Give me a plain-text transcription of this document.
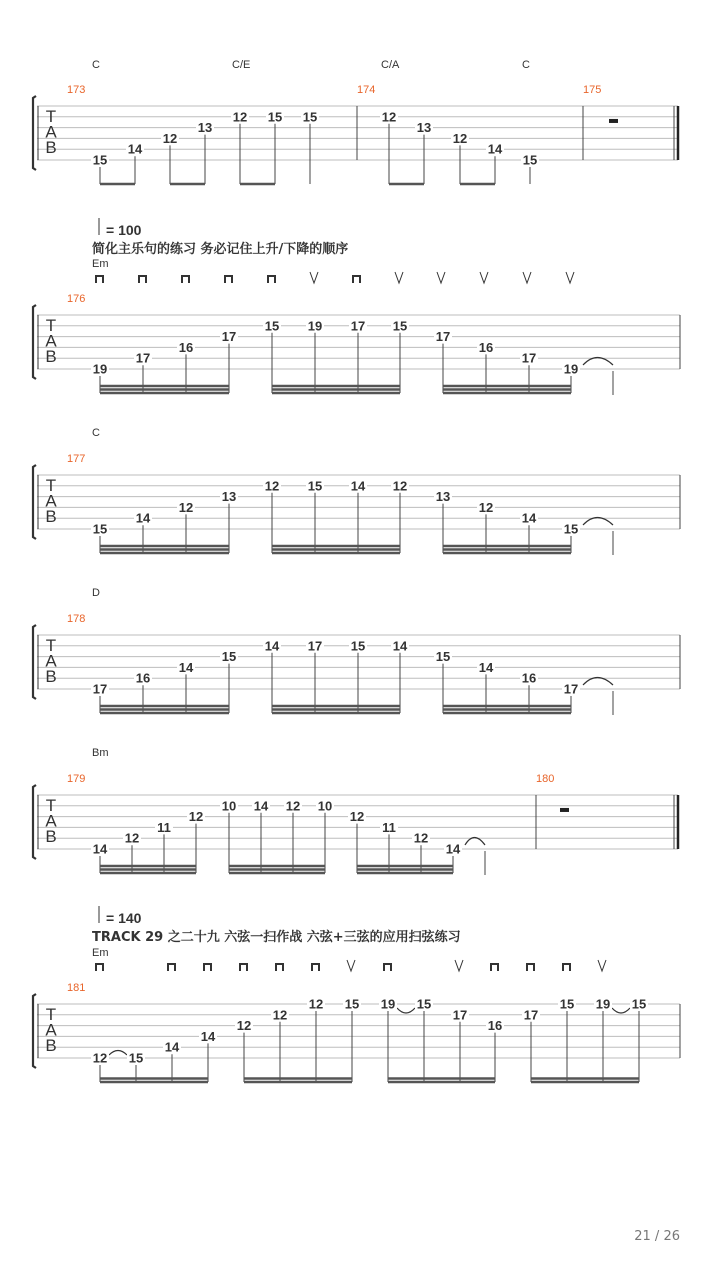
T
A
B
173	174	175
C	C/E	C/A	C
15
14
12
13
12 15 15	12
13
12
14
15
T
A
B
176
Em
= 100
简化主乐句的练习 务必记住上升/下降的顺序
19
17
16
17
15 19 17 15
17
16
17
19
T
A
B
177
C
15
14
12
13
12 15 14 12
13
12
14
15
T
A
B
178
D
17
16
14
15
14 17 15 14
15
14
16
17
T
A
B
179	180
Bm
14
12
11
12
10 14 12 10
12
11
12
14
T
A
B
181
Em
= 140
TRACK 29 之二十九 六弦一扫作战 六弦+三弦的应用扫弦练习
12 15
14
14
12
12
12 15 19 15
17
16
17
15 19 15
21 / 26
